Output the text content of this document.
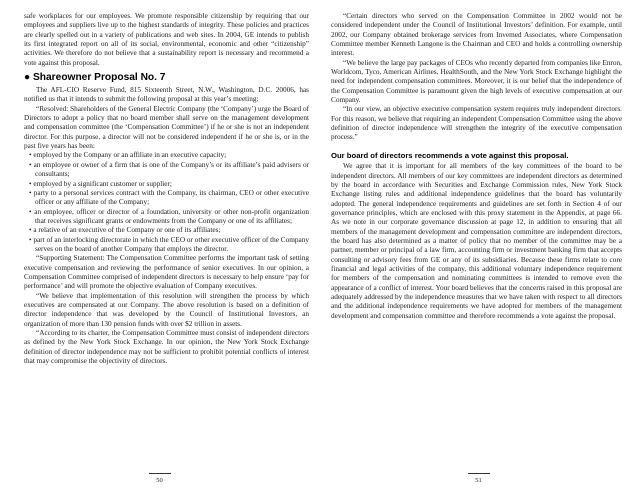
safe workplaces for our employees. We promote responsible citizenship by requiring that our employees and suppliers live up to the highest standards of integrity. These policies and practices are clearly spelled out in a variety of publications and web sites. In 2004, GE intends to publish its first integrated report on all of its social, environmental, economic and other “citizenship” activities. We therefore do not believe that a sustainability report is necessary and recommend a vote against this proposal.

● Shareowner Proposal No. 7

The AFL-CIO Reserve Fund, 815 Sixteenth Street, N.W., Washington, D.C. 20006, has notified us that it intends to submit the following proposal at this year’s meeting:

“Resolved: Shareholders of the General Electric Company (the ‘Company’) urge the Board of Directors to adopt a policy that no board member shall serve on the management development and compensation committee (the ‘Compensation Committee’) if he or she is not an independent director. For this purpose, a director will not be considered independent if he or she is, or in the past five years has been:

• employed by the Company or an affiliate in an executive capacity;

• an employee or owner of a firm that is one of the Company’s or its affiliate’s paid advisers or consultants;

• employed by a significant customer or supplier;

• party to a personal services contract with the Company, its chairman, CEO or other executive officer or any affiliate of the Company;

• an employee, officer or director of a foundation, university or other non-profit organization that receives significant grants or endowments from the Company or one of its affiliates;

• a relative of an executive of the Company or one of its affiliates;

• part of an interlocking directorate in which the CEO or other executive officer of the Company serves on the board of another Company that employs the director.

“Supporting Statement: The Compensation Committee performs the important task of setting executive compensation and reviewing the performance of senior executives. In our opinion, a Compensation Committee comprised of independent directors is necessary to help ensure ‘pay for performance’ and will promote the objective evaluation of Company executives.

“We believe that implementation of this resolution will strengthen the process by which executives are compensated at our Company. The above resolution is based on a definition of director independence that was developed by the Council of Institutional Investors, an organization of more than 130 pension funds with over $2 trillion in assets.

“According to its charter, the Compensation Committee must consist of independent directors as defined by the New York Stock Exchange. In our opinion, the New York Stock Exchange definition of director independence may not be sufficient to prohibit potential conflicts of interest that may compromise the objectivity of directors.

50

“Certain directors who served on the Compensation Committee in 2002 would not be considered independent under the Council of Institutional Investors’ definition. For example, until 2002, our Company obtained brokerage services from Invemed Associates, where Compensation Committee member Kenneth Langone is the Chairman and CEO and holds a controlling ownership interest.

“We believe the large pay packages of CEOs who recently departed from companies like Enron, Worldcom, Tyco, American Airlines, HealthSouth, and the New York Stock Exchange highlight the need for independent compensation committees. Moreover, it is our belief that the independence of the Compensation Committee is paramount given the high levels of executive compensation at our Company.

“In our view, an objective executive compensation system requires truly independent directors. For this reason, we believe that requiring an independent Compensation Committee using the above definition of director independence will strengthen the integrity of the executive compensation process.”

Our board of directors recommends a vote against this proposal.

We agree that it is important for all members of the key committees of the board to be independent directors. All members of our key committees are independent directors as determined by the board in accordance with Securities and Exchange Commission rules, New York Stock Exchange listing rules and additional independence guidelines that the board has voluntarily adopted. The general independence requirements and guidelines are set forth in Section 4 of our governance principles, which are enclosed with this proxy statement in the Appendix, at page 66. As we note in our corporate governance discussion at page 12, in addition to ensuring that all members of the management development and compensation committee are independent directors, the board has also determined as a matter of policy that no member of the committee may be a partner, member or principal of a law firm, accounting firm or investment banking firm that accepts consulting or advisory fees from GE or any of its subsidiaries. Because these firms relate to core financial and legal activities of the company, this additional voluntary independence requirement for members of the compensation and nominating committees is intended to remove even the appearance of a conflict of interest. Your board believes that the concerns raised in this proposal are adequately addressed by the independence measures that we have taken with respect to all directors and the additional independence requirements we have adopted for members of the management development and compensation committee and therefore recommends a vote against the proposal.

51
